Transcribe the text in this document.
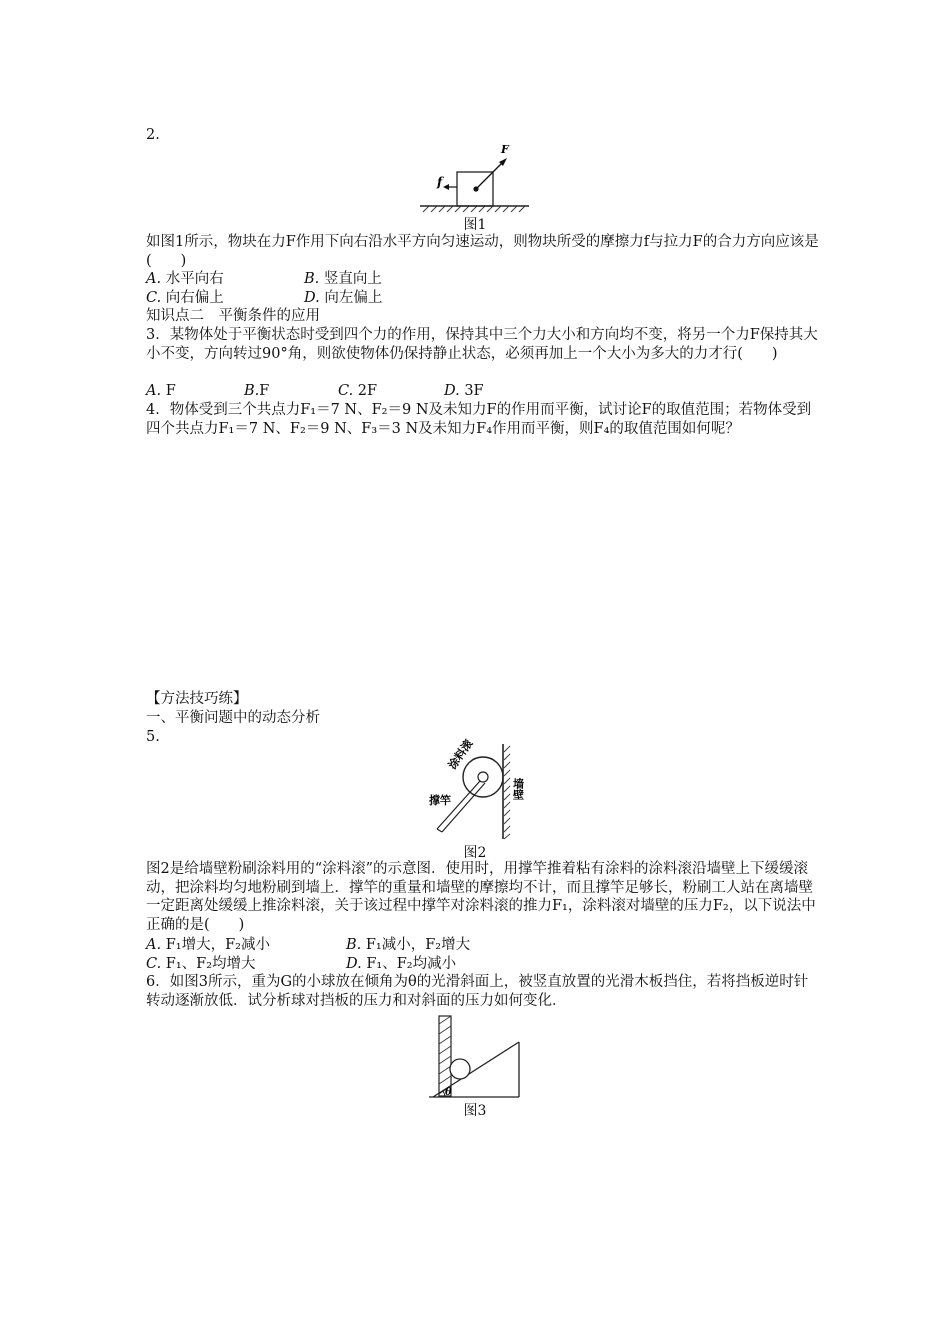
2.
F
f
图1
如图1所示，物块在力F作用下向右沿水平方向匀速运动，则物块所受的摩擦力f与拉力F的合力方向应该是(　　)
A. 水平向右	B. 竖直向上
C. 向右偏上	D. 向左偏上
知识点二　平衡条件的应用
3．某物体处于平衡状态时受到四个力的作用，保持其中三个力大小和方向均不变，将另一个力F保持其大小不变，方向转过90°角，则欲使物体仍保持静止状态，必须再加上一个大小为多大的力才行(　　)
A. F	B.F	C. 2F	D. 3F
4．物体受到三个共点力F₁＝7 N、F₂＝9 N及未知力F的作用而平衡，试讨论F的取值范围；若物体受到四个共点力F₁＝7 N、F₂＝9 N、F₃＝3 N及未知力F₄作用而平衡，则F₄的取值范围如何呢？
【方法技巧练】
一、平衡问题中的动态分析
5.
涂料滚
撑竿
墙壁
图2
图2是给墙壁粉刷涂料用的“涂料滚”的示意图．使用时，用撑竿推着粘有涂料的涂料滚沿墙壁上下缓缓滚动，把涂料均匀地粉刷到墙上．撑竿的重量和墙壁的摩擦均不计，而且撑竿足够长，粉刷工人站在离墙壁一定距离处缓缓上推涂料滚，关于该过程中撑竿对涂料滚的推力F₁，涂料滚对墙壁的压力F₂，以下说法中正确的是(　　)
A. F₁增大，F₂减小	B. F₁减小，F₂增大
C. F₁、F₂均增大	D. F₁、F₂均减小
6．如图3所示，重为G的小球放在倾角为θ的光滑斜面上，被竖直放置的光滑木板挡住，若将挡板逆时针转动逐渐放低．试分析球对挡板的压力和对斜面的压力如何变化．
θ
图3
